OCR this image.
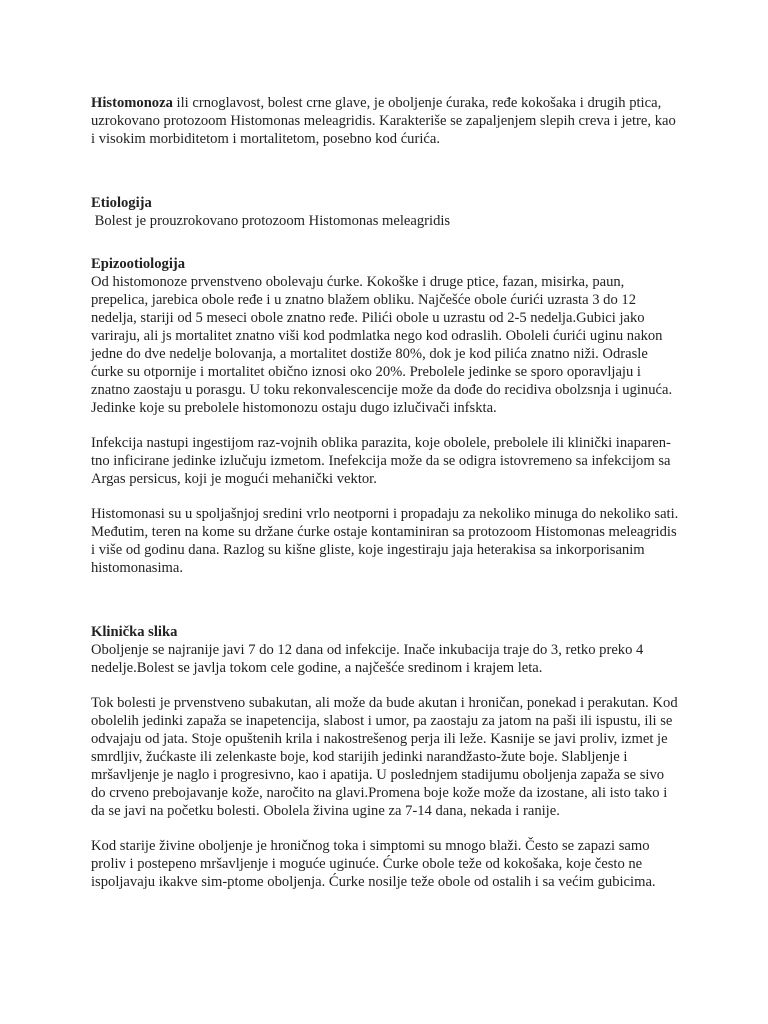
Histomonoza ili crnoglavost, bolest crne glave, je oboljenje ćuraka, ređe kokošaka i drugih ptica, uzrokovano protozoom Histomonas meleagridis. Karakteriše se zapaljenjem slepih creva i jetre, kao i visokim morbiditetom i mortalitetom, posebno kod ćurića.

Etiologija

Bolest je prouzrokovano protozoom Histomonas meleagridis

Epizootiologija

Od histomonoze prvenstveno obolevaju ćurke. Kokoške i druge ptice, fazan, misirka, paun, prepelica, jarebica obole ređe i u znatno blažem obliku. Najčešće obole ćurići uzrasta 3 do 12 nedelja, stariji od 5 meseci obole znatno ređe. Pilići obole u uzrastu od 2-5 nedelja.Gubici jako variraju, ali js mortalitet znatno viši kod podmlatka nego kod odraslih. Oboleli ćurići uginu nakon jedne do dve nedelje bolovanja, a mortalitet dostiže 80%, dok je kod pilića znatno niži. Odrasle ćurke su otpornije i mortalitet obično iznosi oko 20%. Prebolele jedinke se sporo oporavljaju i znatno zaostaju u porasgu. U toku rekonvalescencije može da dođe do recidiva obolzsnja i uginuća. Jedinke koje su prebolele histomonozu ostaju dugo izlučivači infskta.

Infekcija nastupi ingestijom raz-vojnih oblika parazita, koje obolele, prebolele ili klinički inaparen-tno inficirane jedinke izlučuju izmetom. Inefekcija može da se odigra istovremeno sa infekcijom sa Argas persicus, koji je mogući mehanički vektor.

Histomonasi su u spoljašnjoj sredini vrlo neotporni i propadaju za nekoliko minuga do nekoliko sati. Međutim, teren na kome su držane ćurke ostaje kontaminiran sa protozoom Histomonas meleagridis i više od godinu dana. Razlog su kišne gliste, koje ingestiraju jaja heterakisa sa inkorporisanim histomonasima.

Klinička slika

Oboljenje se najranije javi 7 do 12 dana od infekcije. Inače inkubacija traje do 3, retko preko 4 nedelje.Bolest se javlja tokom cele godine, a najčešće sredinom i krajem leta.

Tok bolesti je prvenstveno subakutan, ali može da bude akutan i hroničan, ponekad i perakutan. Kod obolelih jedinki zapaža se inapetencija, slabost i umor, pa zaostaju za jatom na paši ili ispustu, ili se odvajaju od jata. Stoje opuštenih krila i nakostrešenog perja ili leže. Kasnije se javi proliv, izmet je smrdljiv, žućkaste ili zelenkaste boje, kod starijih jedinki narandžasto-žute boje. Slabljenje i mršavljenje je naglo i progresivno, kao i apatija. U poslednjem stadijumu oboljenja zapaža se sivo do crveno prebojavanje kože, naročito na glavi.Promena boje kože može da izostane, ali isto tako i da se javi na početku bolesti. Obolela živina ugine za 7-14 dana, nekada i ranije.

Kod starije živine oboljenje je hroničnog toka i simptomi su mnogo blaži. Često se zapazi samo proliv i postepeno mršavljenje i moguće uginuće. Ćurke obole teže od kokošaka, koje često ne ispoljavaju ikakve sim-ptome oboljenja. Ćurke nosilje teže obole od ostalih i sa većim gubicima.
